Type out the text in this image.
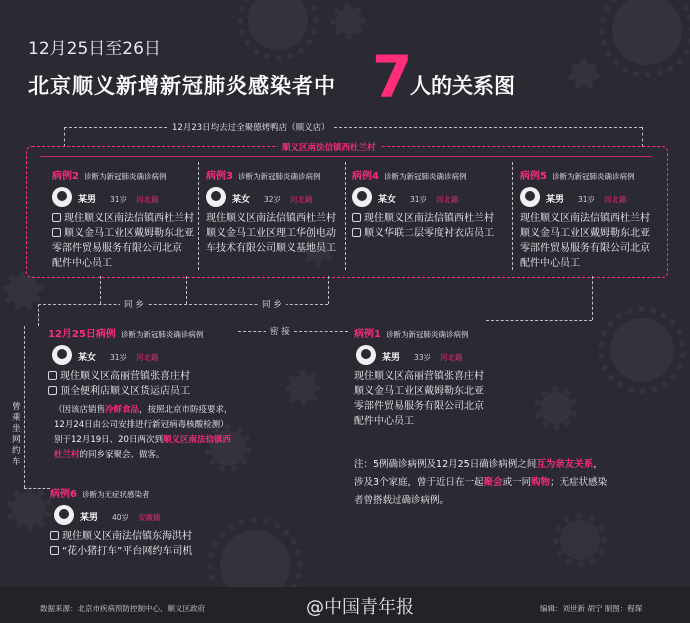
12月25日至26日
北京顺义新增新冠肺炎感染者中 7
人的关系图
12月23日均去过全聚德烤鸭店（顺义店）
顺义区南法信镇西杜兰村
病例2 诊断为新冠肺炎确诊病例
某男 31岁 河北籍
现住顺义区南法信镇西杜兰村
顺义金马工业区戴姆勒东北亚
零部件贸易服务有限公司北京
配件中心员工
病例3 诊断为新冠肺炎确诊病例
某女 32岁 河北籍
现住顺义区南法信镇西杜兰村
顺义金马工业区理工华创电动
车技术有限公司顺义基地员工
病例4 诊断为新冠肺炎确诊病例
某女 31岁 河北籍
现住顺义区南法信镇西杜兰村
顺义华联二层零度衬衣店员工
病例5 诊断为新冠肺炎确诊病例
某男 31岁 河北籍
现住顺义区南法信镇西杜兰村
顺义金马工业区戴姆勒东北亚
零部件贸易服务有限公司北京
配件中心员工
同 乡	同 乡
12月25日病例 诊断为新冠肺炎确诊病例
某女 31岁 河北籍
现住顺义区高丽营镇张喜庄村
顶全便利店顺义区货运店员工
（因该店销售冷鲜食品，按照北京市防疫要求，
12月24日由公司安排进行新冠病毒核酸检测）
别于12月19日、20日两次到顺义区南法信镇西
杜兰村的同乡家聚会、做客。
密 接	病例1 诊断为新冠肺炎确诊病例
某男 33岁 河北籍
现住顺义区高丽营镇张喜庄村
顺义金马工业区戴姆勒东北亚
零部件贸易服务有限公司北京
配件中心员工
曾乘坐网约车
病例6 诊断为无症状感染者
某男 40岁 安徽籍
现住顺义区南法信镇东海洪村
“花小猪打车”平台网约车司机
注：5例确诊病例及12月25日确诊病例之间互为亲友关系，
涉及3个家庭，曾于近日在一起聚会或一同购物；无症状感染
者曾搭载过确诊病例。
数据来源：北京市疾病预防控制中心、顺义区政府	@中国青年报	编辑：刘世新 胡宁 制图：程琛
